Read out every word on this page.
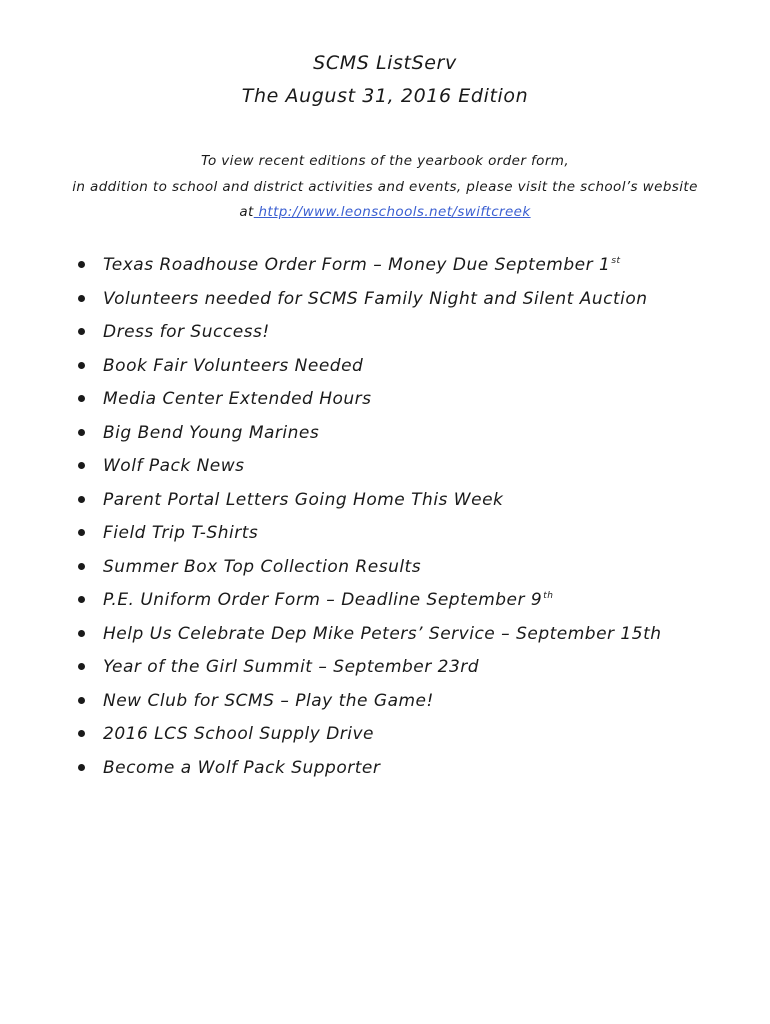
SCMS ListServ
The August 31, 2016 Edition
To view recent editions of the yearbook order form,
in addition to school and district activities and events, please visit the school’s website
at http://www.leonschools.net/swiftcreek
Texas Roadhouse Order Form – Money Due September 1st
Volunteers needed for SCMS Family Night and Silent Auction
Dress for Success!
Book Fair Volunteers Needed
Media Center Extended Hours
Big Bend Young Marines
Wolf Pack News
Parent Portal Letters Going Home This Week
Field Trip T-Shirts
Summer Box Top Collection Results
P.E. Uniform Order Form – Deadline September 9th
Help Us Celebrate Dep Mike Peters’ Service – September 15th
Year of the Girl Summit – September 23rd
New Club for SCMS – Play the Game!
2016 LCS School Supply Drive
Become a Wolf Pack Supporter
